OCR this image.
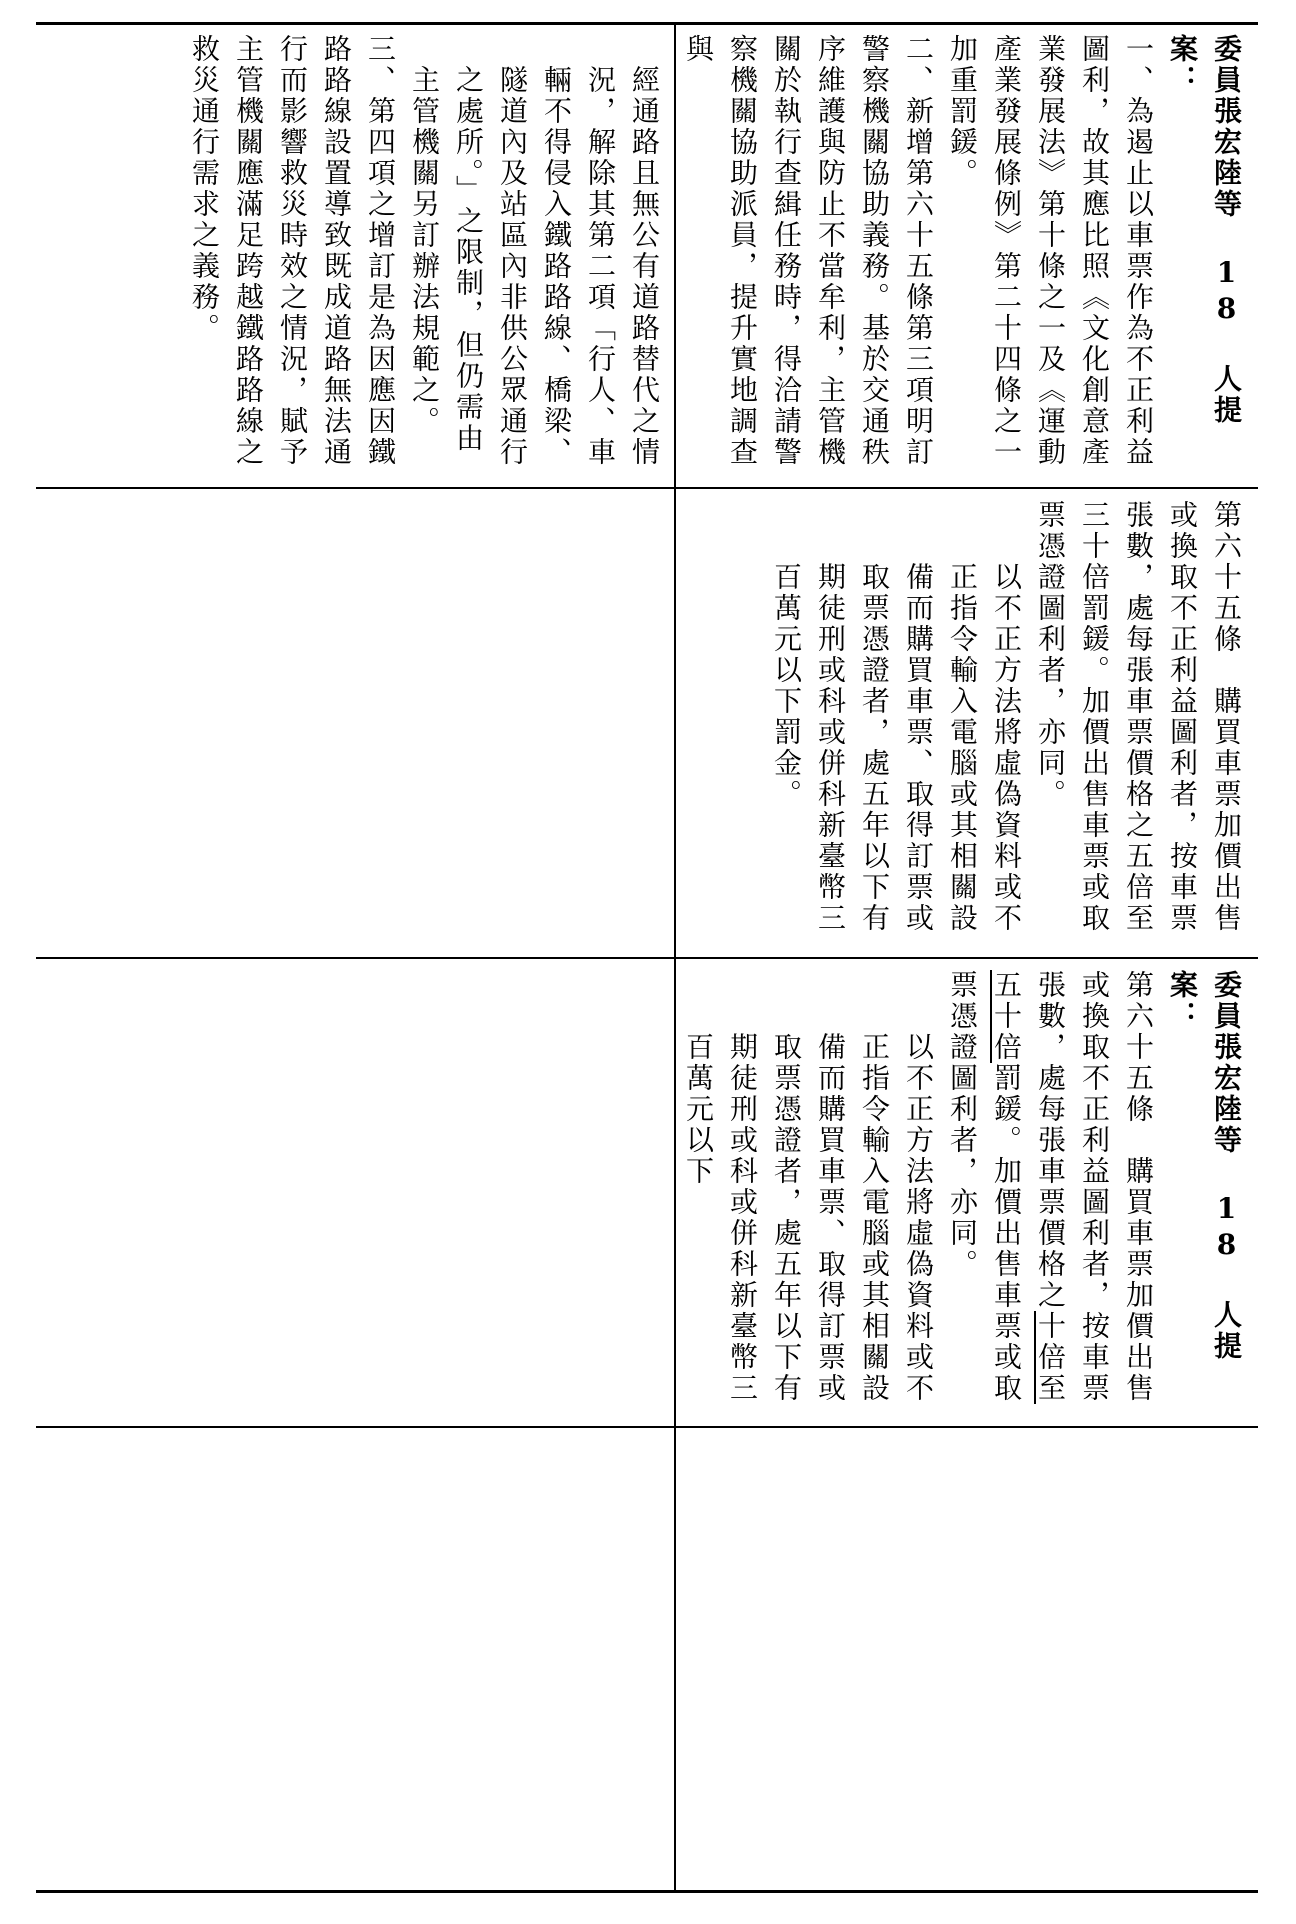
委員張宏陸等 18 人提案：

一、為遏止以車票作為不正利益圖利，故其應比照《文化創意產業發展法》第十條之一及《運動產業發展條例》第二十四條之一加重罰鍰。

二、新增第六十五條第三項明訂警察機關協助義務。基於交通秩序維護與防止不當牟利，主管機關於執行查緝任務時，得洽請警察機關協助派員，提升實地調查與

經通路且無公有道路替代之情況，解除其第二項「行人、車輛不得侵入鐵路路線、橋梁、隧道內及站區內非供公眾通行之處所。」之限制，但仍需由主管機關另訂辦法規範之。

三、第四項之增訂是為因應因鐵路路線設置導致既成道路無法通行而影響救災時效之情況，賦予主管機關應滿足跨越鐵路路線之救災通行需求之義務。

第六十五條　購買車票加價出售或換取不正利益圖利者，按車票張數，處每張車票價格之五倍至三十倍罰鍰。加價出售車票或取票憑證圖利者，亦同。

以不正方法將虛偽資料或不正指令輸入電腦或其相關設備而購買車票、取得訂票或取票憑證者，處五年以下有期徒刑或科或併科新臺幣三百萬元以下罰金。

委員張宏陸等 18 人提案：

第六十五條　購買車票加價出售或換取不正利益圖利者，按車票張數，處每張車票價格之十倍至五十倍罰鍰。加價出售車票或取票憑證圖利者，亦同。

以不正方法將虛偽資料或不正指令輸入電腦或其相關設備而購買車票、取得訂票或取票憑證者，處五年以下有期徒刑或科或併科新臺幣三百萬元以下
